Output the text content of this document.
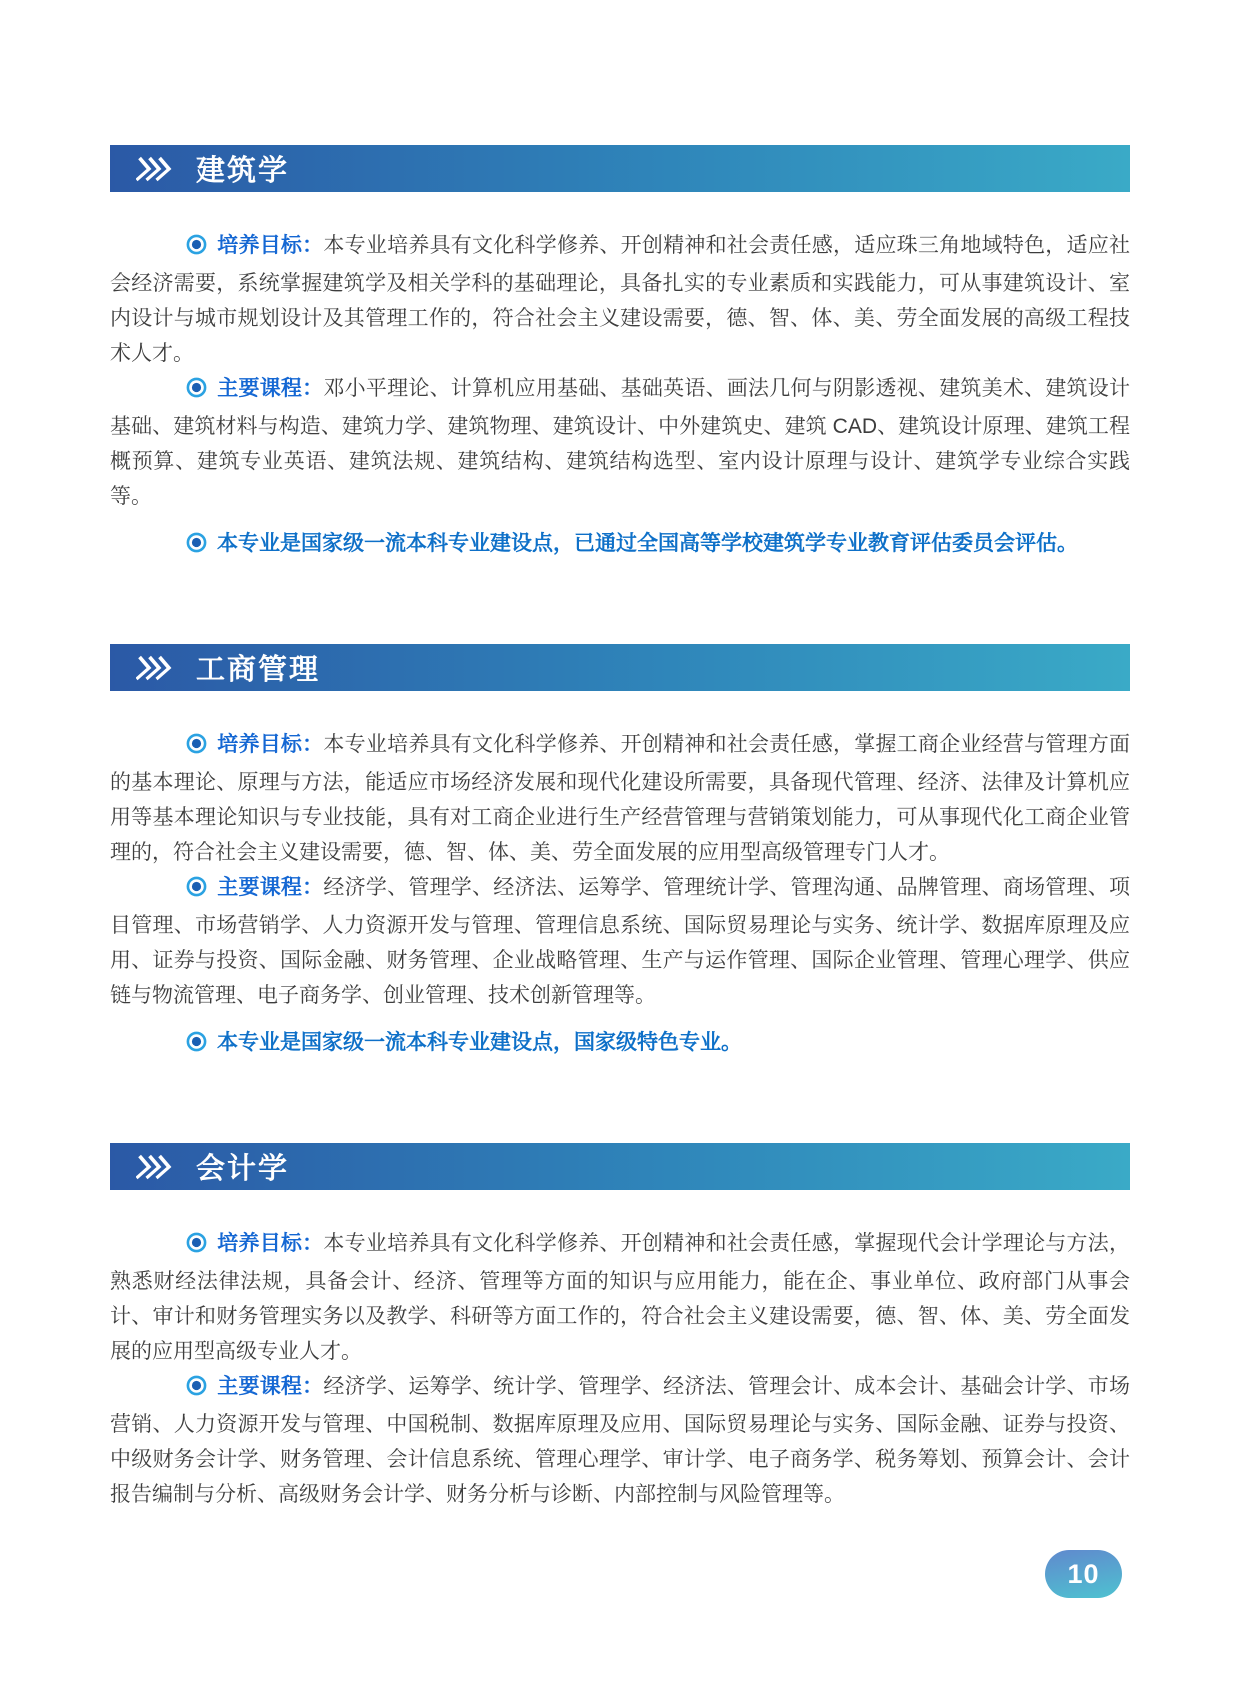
建筑学

培养目标：本专业培养具有文化科学修养、开创精神和社会责任感，适应珠三角地域特色，适应社会经济需要，系统掌握建筑学及相关学科的基础理论，具备扎实的专业素质和实践能力，可从事建筑设计、室内设计与城市规划设计及其管理工作的，符合社会主义建设需要，德、智、体、美、劳全面发展的高级工程技术人才。

主要课程：邓小平理论、计算机应用基础、基础英语、画法几何与阴影透视、建筑美术、建筑设计基础、建筑材料与构造、建筑力学、建筑物理、建筑设计、中外建筑史、建筑 CAD、建筑设计原理、建筑工程概预算、建筑专业英语、建筑法规、建筑结构、建筑结构选型、室内设计原理与设计、建筑学专业综合实践等。

本专业是国家级一流本科专业建设点，已通过全国高等学校建筑学专业教育评估委员会评估。

工商管理

培养目标：本专业培养具有文化科学修养、开创精神和社会责任感，掌握工商企业经营与管理方面的基本理论、原理与方法，能适应市场经济发展和现代化建设所需要，具备现代管理、经济、法律及计算机应用等基本理论知识与专业技能，具有对工商企业进行生产经营管理与营销策划能力，可从事现代化工商企业管理的，符合社会主义建设需要，德、智、体、美、劳全面发展的应用型高级管理专门人才。

主要课程：经济学、管理学、经济法、运筹学、管理统计学、管理沟通、品牌管理、商场管理、项目管理、市场营销学、人力资源开发与管理、管理信息系统、国际贸易理论与实务、统计学、数据库原理及应用、证券与投资、国际金融、财务管理、企业战略管理、生产与运作管理、国际企业管理、管理心理学、供应链与物流管理、电子商务学、创业管理、技术创新管理等。

本专业是国家级一流本科专业建设点，国家级特色专业。

会计学

培养目标：本专业培养具有文化科学修养、开创精神和社会责任感，掌握现代会计学理论与方法，熟悉财经法律法规，具备会计、经济、管理等方面的知识与应用能力，能在企、事业单位、政府部门从事会计、审计和财务管理实务以及教学、科研等方面工作的，符合社会主义建设需要，德、智、体、美、劳全面发展的应用型高级专业人才。

主要课程：经济学、运筹学、统计学、管理学、经济法、管理会计、成本会计、基础会计学、市场营销、人力资源开发与管理、中国税制、数据库原理及应用、国际贸易理论与实务、国际金融、证券与投资、中级财务会计学、财务管理、会计信息系统、管理心理学、审计学、电子商务学、税务筹划、预算会计、会计报告编制与分析、高级财务会计学、财务分析与诊断、内部控制与风险管理等。

10
